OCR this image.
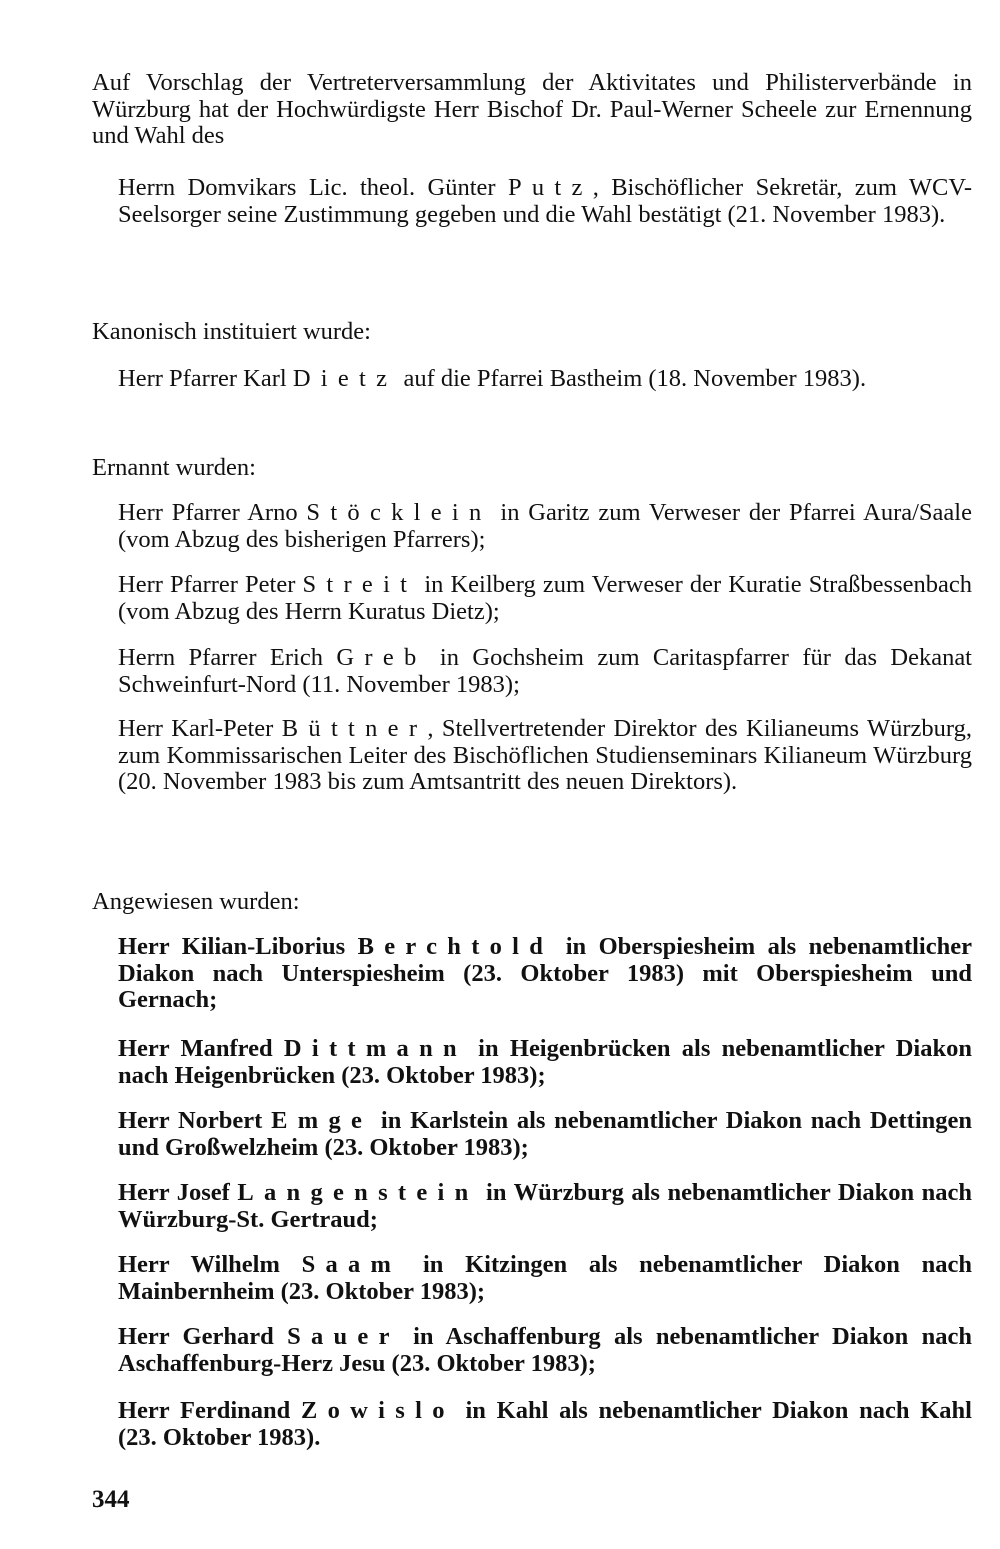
Auf Vorschlag der Vertreterversammlung der Aktivitates und Philisterverbände in Würzburg hat der Hochwürdigste Herr Bischof Dr. Paul-Werner Scheele zur Ernennung und Wahl des
Herrn Domvikars Lic. theol. Günter Putz, Bischöflicher Sekretär, zum WCV-Seelsorger seine Zustimmung gegeben und die Wahl bestätigt (21. November 1983).
Kanonisch instituiert wurde:
Herr Pfarrer Karl Dietz auf die Pfarrei Bastheim (18. November 1983).
Ernannt wurden:
Herr Pfarrer Arno Stöcklein in Garitz zum Verweser der Pfarrei Aura/Saale (vom Abzug des bisherigen Pfarrers);
Herr Pfarrer Peter Streit in Keilberg zum Verweser der Kuratie Straßbessenbach (vom Abzug des Herrn Kuratus Dietz);
Herrn Pfarrer Erich Greb in Gochsheim zum Caritaspfarrer für das Dekanat Schweinfurt-Nord (11. November 1983);
Herr Karl-Peter Büttner, Stellvertretender Direktor des Kilianeums Würzburg, zum Kommissarischen Leiter des Bischöflichen Studienseminars Kilianeum Würzburg (20. November 1983 bis zum Amtsantritt des neuen Direktors).
Angewiesen wurden:
Herr Kilian-Liborius Berchtold in Oberspiesheim als nebenamtlicher Diakon nach Unterspiesheim (23. Oktober 1983) mit Oberspiesheim und Gernach;
Herr Manfred Dittmann in Heigenbrücken als nebenamtlicher Diakon nach Heigenbrücken (23. Oktober 1983);
Herr Norbert Emge in Karlstein als nebenamtlicher Diakon nach Dettingen und Großwelzheim (23. Oktober 1983);
Herr Josef Langenstein in Würzburg als nebenamtlicher Diakon nach Würzburg-St. Gertraud;
Herr Wilhelm Saam in Kitzingen als nebenamtlicher Diakon nach Mainbernheim (23. Oktober 1983);
Herr Gerhard Sauer in Aschaffenburg als nebenamtlicher Diakon nach Aschaffenburg-Herz Jesu (23. Oktober 1983);
Herr Ferdinand Zowislo in Kahl als nebenamtlicher Diakon nach Kahl (23. Oktober 1983).
344
